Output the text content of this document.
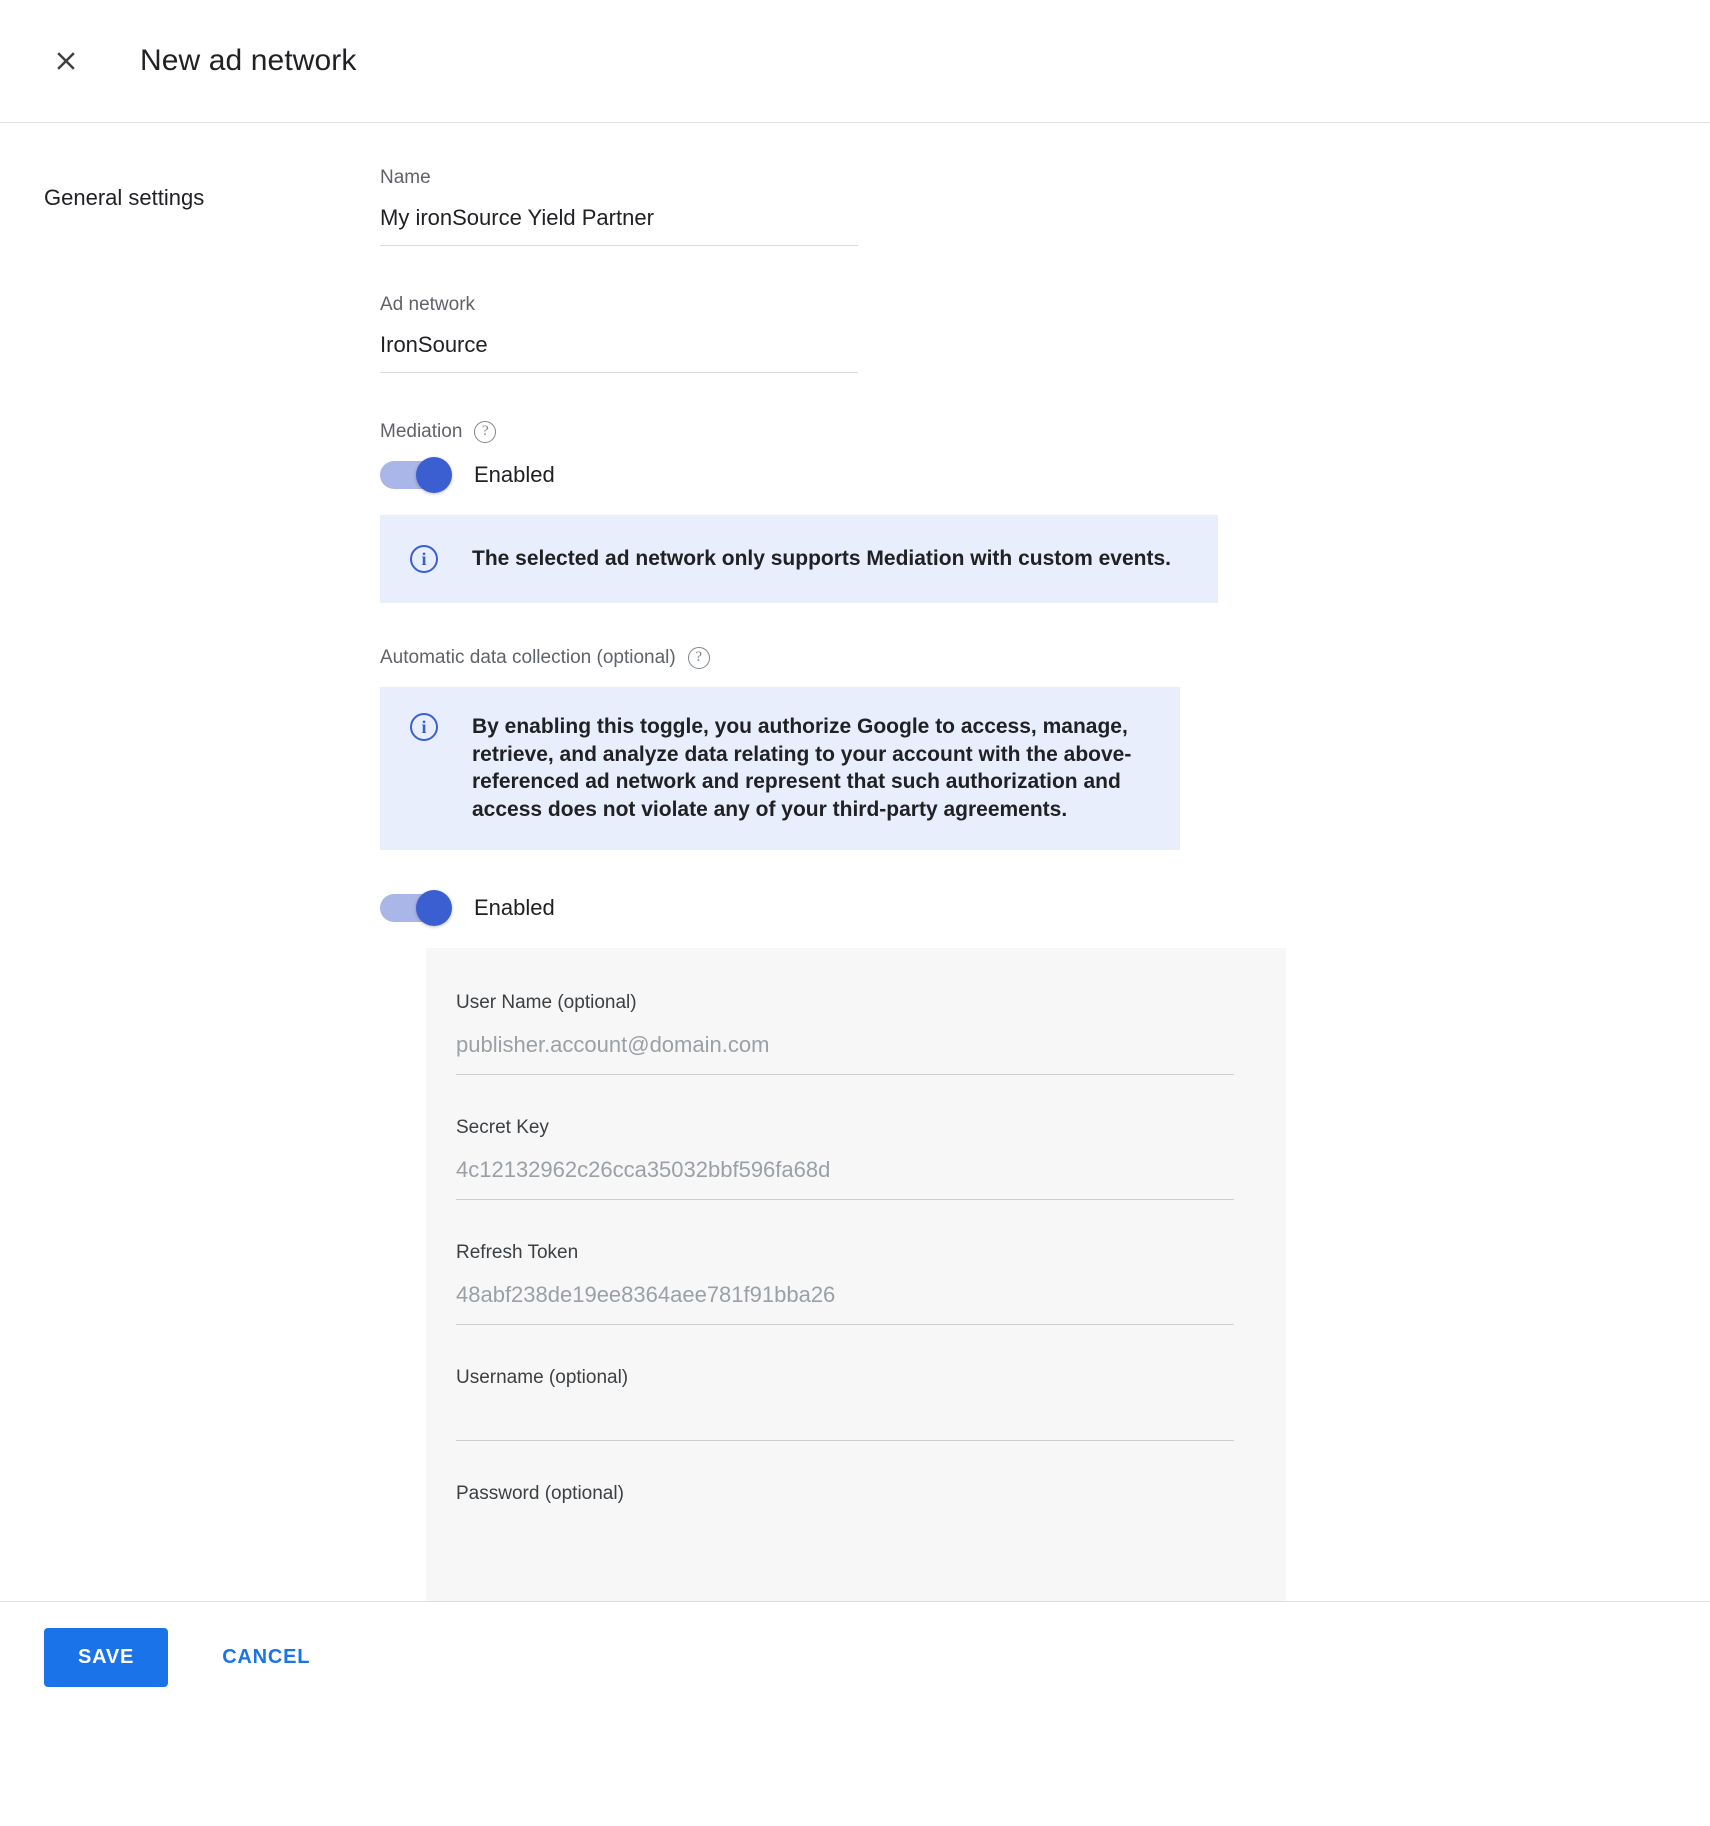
New ad network
General settings
Name
My ironSource Yield Partner
Ad network
IronSource
Mediation	?
Enabled
i	The selected ad network only supports Mediation with custom events.
Automatic data collection (optional)	?
i	By enabling this toggle, you authorize Google to access, manage, retrieve, and analyze data relating to your account with the above-referenced ad network and represent that such authorization and access does not violate any of your third-party agreements.
Enabled
User Name (optional)
publisher.account@domain.com
Secret Key
4c12132962c26cca35032bbf596fa68d
Refresh Token
48abf238de19ee8364aee781f91bba26
Username (optional)
Password (optional)
SAVE	CANCEL
